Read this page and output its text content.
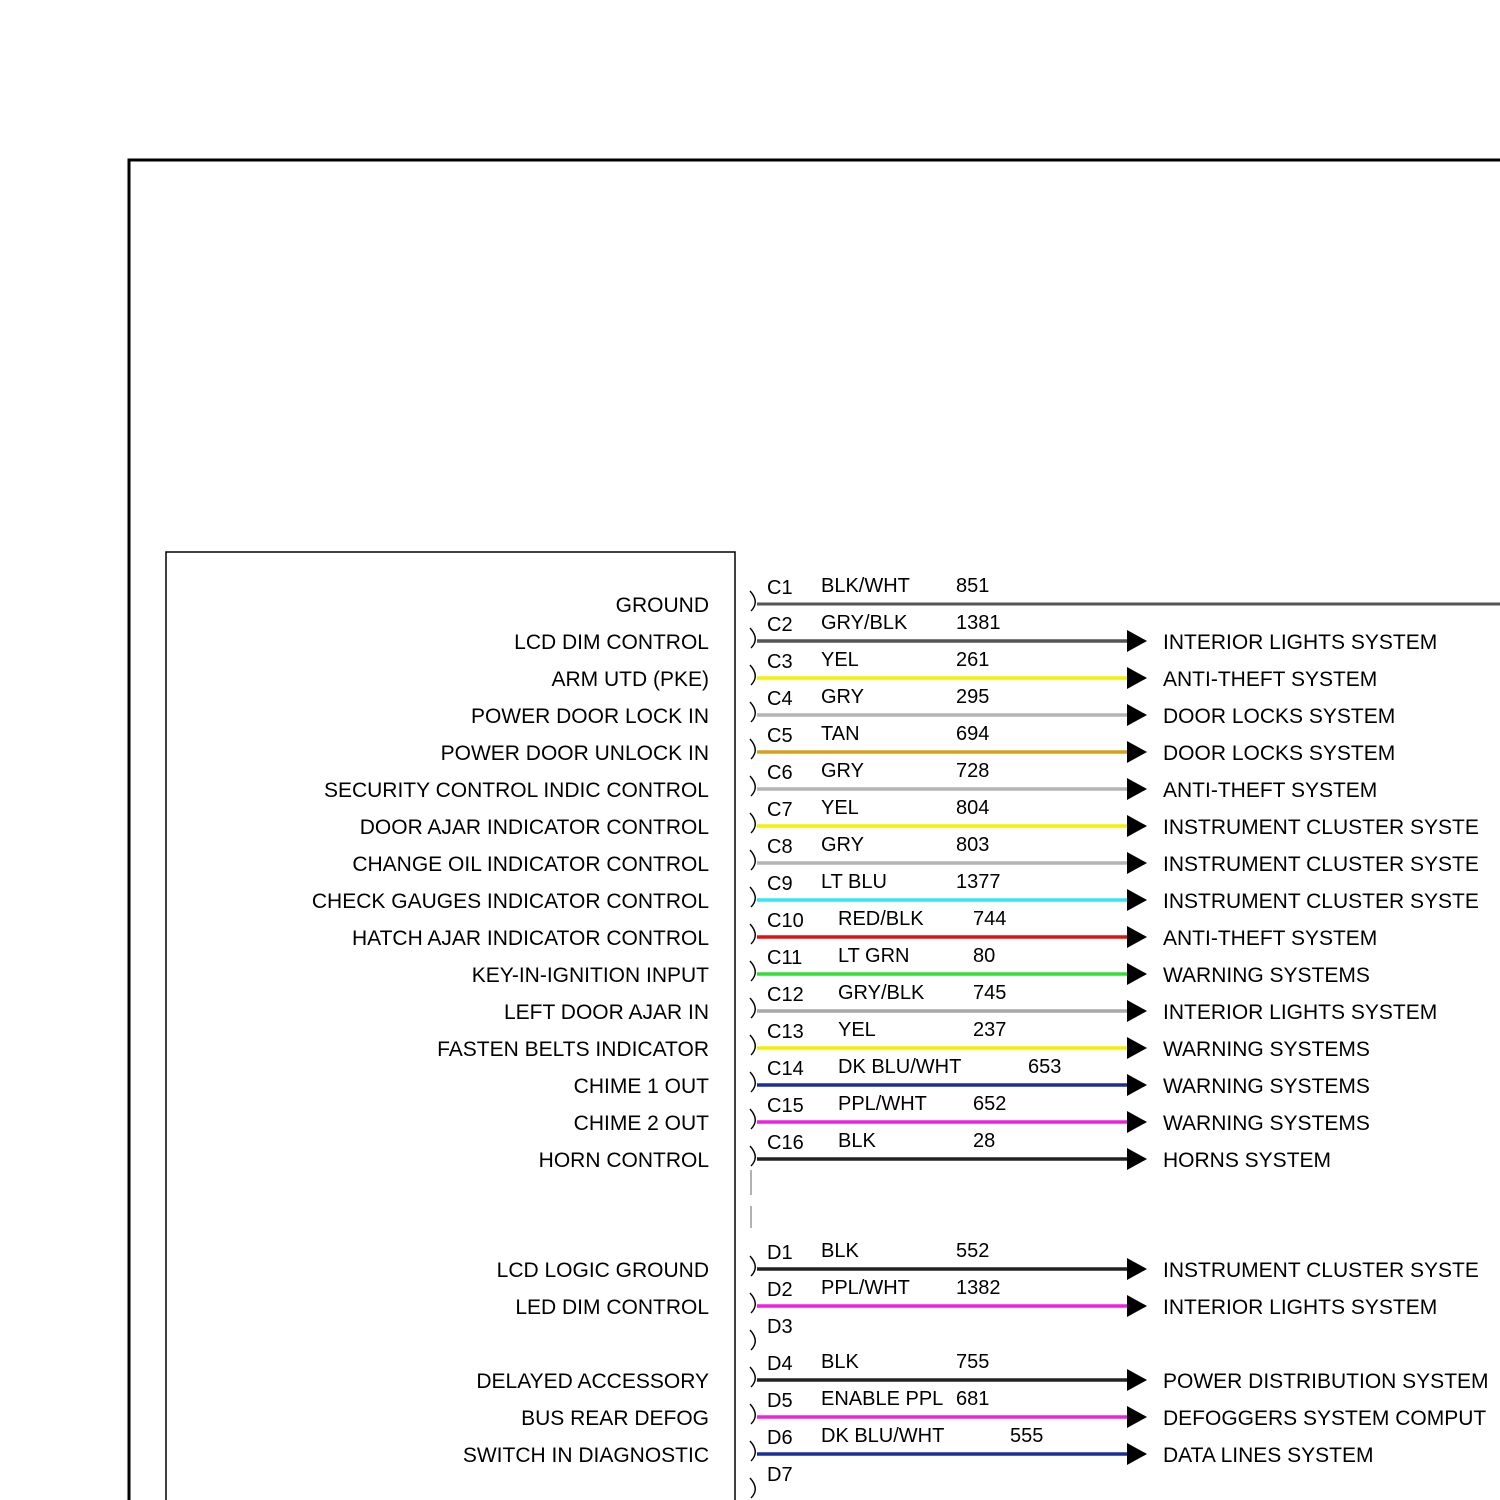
C1
GROUND
BLK/WHT 851
C2
LCD DIM CONTROL
GRY/BLK 1381
INTERIOR LIGHTS SYSTEM
C3
ARM UTD (PKE)
YEL	261
ANTI-THEFT SYSTEM
C4
POWER DOOR LOCK IN
GRY	295
DOOR LOCKS SYSTEM
C5
POWER DOOR UNLOCK IN
TAN	694
DOOR LOCKS SYSTEM
C6
SECURITY CONTROL INDIC CONTROL
GRY	728
ANTI-THEFT SYSTEM
C7
DOOR AJAR INDICATOR CONTROL
YEL	804
INSTRUMENT CLUSTER SYSTE
C8
CHANGE OIL INDICATOR CONTROL
GRY	803
INSTRUMENT CLUSTER SYSTE
C9
CHECK GAUGES INDICATOR CONTROL
LT BLU	1377
INSTRUMENT CLUSTER SYSTE
C10
HATCH AJAR INDICATOR CONTROL
RED/BLK 744
ANTI-THEFT SYSTEM
C11
KEY-IN-IGNITION INPUT
LT GRN	80
WARNING SYSTEMS
C12
LEFT DOOR AJAR IN
GRY/BLK 745
INTERIOR LIGHTS SYSTEM
C13
FASTEN BELTS INDICATOR
YEL	237
WARNING SYSTEMS
C14
CHIME 1 OUT
DK BLU/WHT	653
WARNING SYSTEMS
C15
CHIME 2 OUT
PPL/WHT 652
WARNING SYSTEMS
C16
HORN CONTROL
BLK	28
HORNS SYSTEM
D1
LCD LOGIC GROUND
BLK	552
INSTRUMENT CLUSTER SYSTE
D2
LED DIM CONTROL
PPL/WHT 1382
INTERIOR LIGHTS SYSTEM
D3
D4
DELAYED ACCESSORY
BLK	755
POWER DISTRIBUTION SYSTEM
D5
BUS REAR DEFOG
ENABLE PPL 681
DEFOGGERS SYSTEM COMPUT
D6
SWITCH IN DIAGNOSTIC
DK BLU/WHT	555
DATA LINES SYSTEM
D7
